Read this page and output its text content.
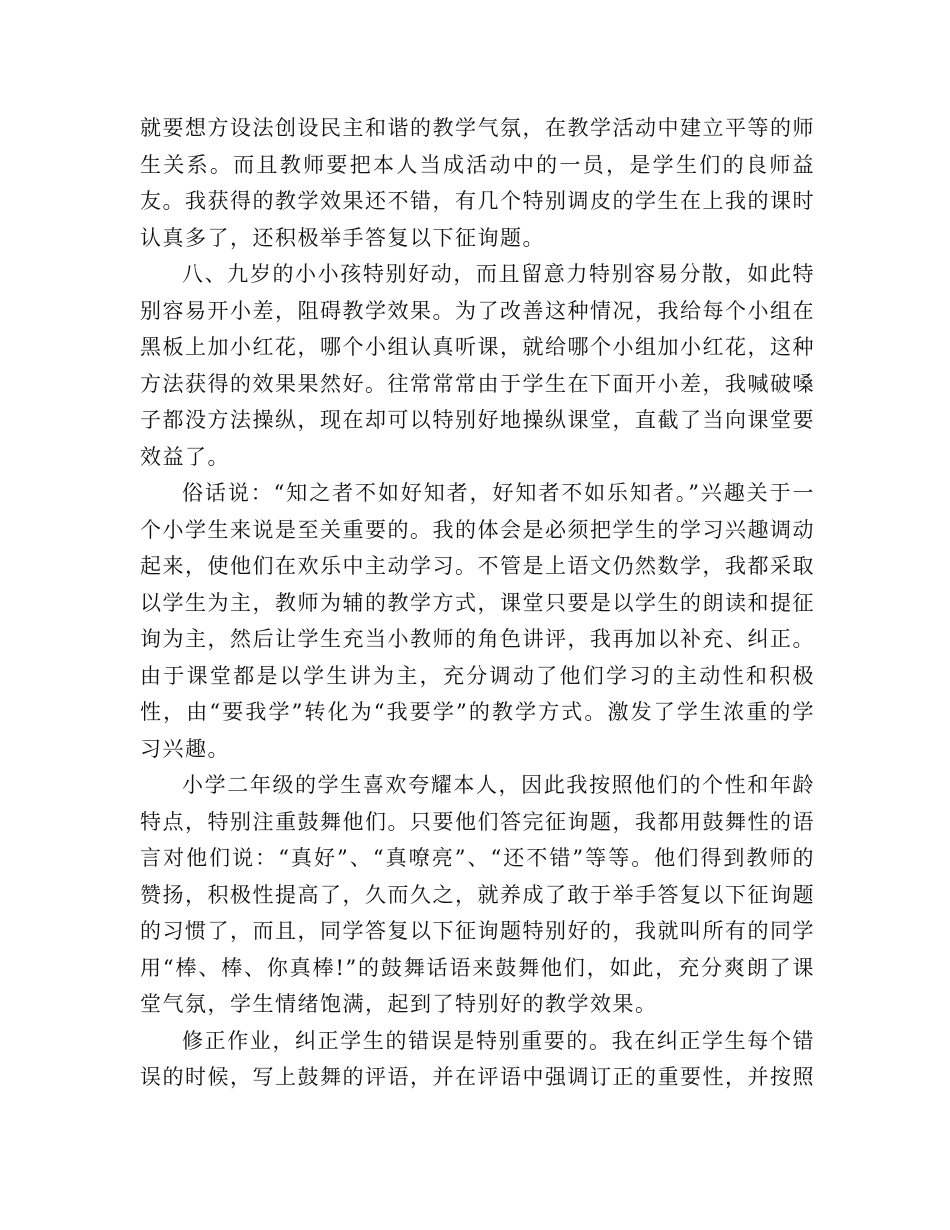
就要想方设法创设民主和谐的教学气氛，在教学活动中建立平等的师生关系。而且教师要把本人当成活动中的一员，是学生们的良师益友。我获得的教学效果还不错，有几个特别调皮的学生在上我的课时认真多了，还积极举手答复以下征询题。

八、九岁的小小孩特别好动，而且留意力特别容易分散，如此特别容易开小差，阻碍教学效果。为了改善这种情况，我给每个小组在黑板上加小红花，哪个小组认真听课，就给哪个小组加小红花，这种方法获得的效果果然好。往常常常由于学生在下面开小差，我喊破嗓子都没方法操纵，现在却可以特别好地操纵课堂，直截了当向课堂要效益了。

俗话说：“知之者不如好知者，好知者不如乐知者。”兴趣关于一个小学生来说是至关重要的。我的体会是必须把学生的学习兴趣调动起来，使他们在欢乐中主动学习。不管是上语文仍然数学，我都采取以学生为主，教师为辅的教学方式，课堂只要是以学生的朗读和提征询为主，然后让学生充当小教师的角色讲评，我再加以补充、纠正。由于课堂都是以学生讲为主，充分调动了他们学习的主动性和积极性，由“要我学”转化为“我要学”的教学方式。激发了学生浓重的学习兴趣。

小学二年级的学生喜欢夸耀本人，因此我按照他们的个性和年龄特点，特别注重鼓舞他们。只要他们答完征询题，我都用鼓舞性的语言对他们说：“真好”、“真嘹亮”、“还不错”等等。他们得到教师的赞扬，积极性提高了，久而久之，就养成了敢于举手答复以下征询题的习惯了，而且，同学答复以下征询题特别好的，我就叫所有的同学用“棒、棒、你真棒!”的鼓舞话语来鼓舞他们，如此，充分爽朗了课堂气氛，学生情绪饱满，起到了特别好的教学效果。

修正作业，纠正学生的错误是特别重要的。我在纠正学生每个错误的时候，写上鼓舞的评语，并在评语中强调订正的重要性，并按照
